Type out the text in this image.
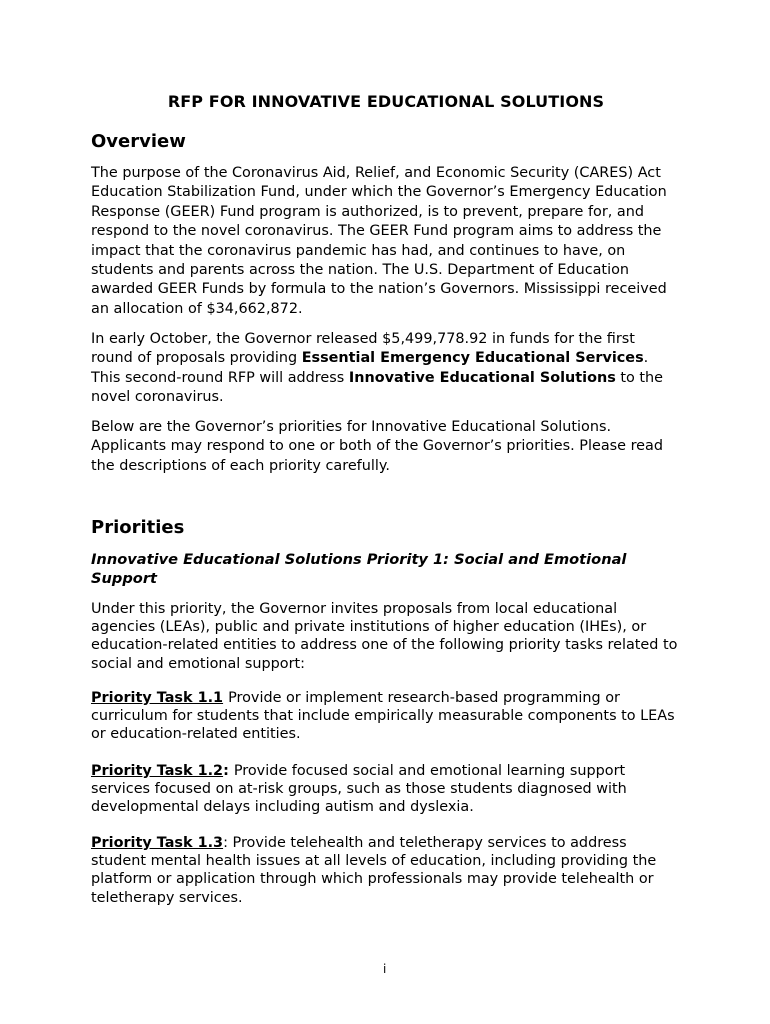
RFP FOR INNOVATIVE EDUCATIONAL SOLUTIONS
Overview

The purpose of the Coronavirus Aid, Relief, and Economic Security (CARES) Act Education Stabilization Fund, under which the Governor’s Emergency Education Response (GEER) Fund program is authorized, is to prevent, prepare for, and respond to the novel coronavirus. The GEER Fund program aims to address the impact that the coronavirus pandemic has had, and continues to have, on students and parents across the nation. The U.S. Department of Education awarded GEER Funds by formula to the nation’s Governors. Mississippi received an allocation of $34,662,872.

In early October, the Governor released $5,499,778.92 in funds for the first round of proposals providing Essential Emergency Educational Services. This second-round RFP will address Innovative Educational Solutions to the novel coronavirus.

Below are the Governor’s priorities for Innovative Educational Solutions. Applicants may respond to one or both of the Governor’s priorities. Please read the descriptions of each priority carefully.

Priorities

Innovative Educational Solutions Priority 1: Social and Emotional Support

Under this priority, the Governor invites proposals from local educational agencies (LEAs), public and private institutions of higher education (IHEs), or education-related entities to address one of the following priority tasks related to social and emotional support:

Priority Task 1.1 Provide or implement research-based programming or curriculum for students that include empirically measurable components to LEAs or education-related entities.

Priority Task 1.2: Provide focused social and emotional learning support services focused on at-risk groups, such as those students diagnosed with developmental delays including autism and dyslexia.

Priority Task 1.3: Provide telehealth and teletherapy services to address student mental health issues at all levels of education, including providing the platform or application through which professionals may provide telehealth or teletherapy services.

i
